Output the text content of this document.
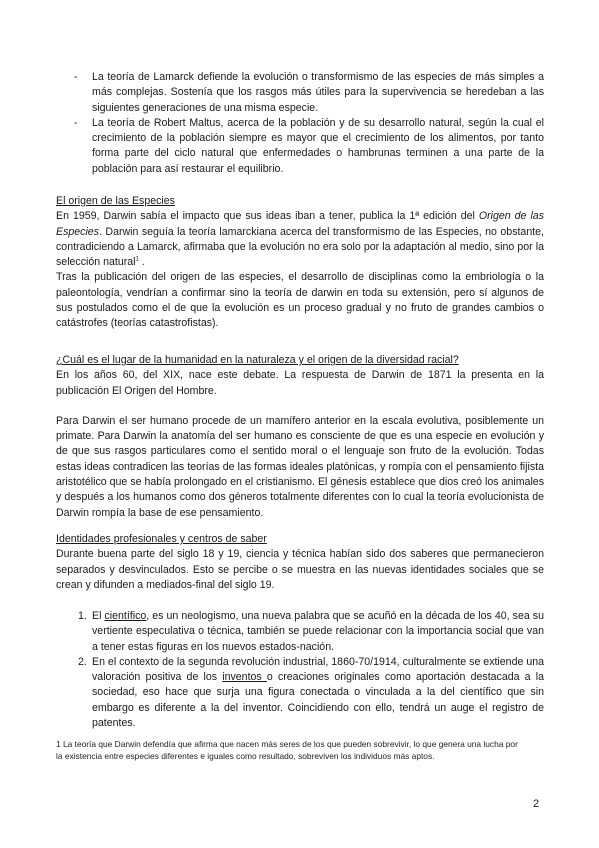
- La teoría de Lamarck defiende la evolución o transformismo de las especies de más simples a más complejas. Sostenía que los rasgos más útiles para la supervivencia se heredeban a las siguientes generaciones de una misma especie.
- La teoría de Robert Maltus, acerca de la población y de su desarrollo natural, según la cual el crecimiento de la población siempre es mayor que el crecimiento de los alimentos, por tanto forma parte del ciclo natural que enfermedades o hambrunas terminen a una parte de la población para así restaurar el equilibrio.
El origen de las Especies

En 1959, Darwin sabía el impacto que sus ideas iban a tener, publica la 1ª edición del Origen de las Especies. Darwin seguía la teoría lamarckiana acerca del transformismo de las Especies, no obstante, contradiciendo a Lamarck, afirmaba que la evolución no era solo por la adaptación al medio, sino por la selección natural$^1$ .

Tras la publicación del origen de las especies, el desarrollo de disciplinas como la embriología o la paleontología, vendrían a confirmar sino la teoría de darwin en toda su extensión, pero sí algunos de sus postulados como el de que la evolución es un proceso gradual y no fruto de grandes cambios o catástrofes (teorías catastrofistas).

¿Cuál es el lugar de la humanidad en la naturaleza y el origen de la diversidad racial?

En los años 60, del XIX, nace este debate. La respuesta de Darwin de 1871 la presenta en la publicación El Origen del Hombre.

Para Darwin el ser humano procede de un mamífero anterior en la escala evolutiva, posiblemente un primate. Para Darwin la anatomía del ser humano es consciente de que es una especie en evolución y de que sus rasgos particulares como el sentido moral o el lenguaje son fruto de la evolución. Todas estas ideas contradicen las teorías de las formas ideales platónicas, y rompía con el pensamiento fijista aristotélico que se había prolongado en el cristianismo. El génesis establece que dios creó los animales y después a los humanos como dos géneros totalmente diferentes con lo cual la teoría evolucionista de Darwin rompía la base de ese pensamiento.

Identidades profesionales y centros de saber

Durante buena parte del siglo 18 y 19, ciencia y técnica habían sido dos saberes que permanecieron separados y desvinculados. Esto se percibe o se muestra en las nuevas identidades sociales que se crean y difunden a mediados-final del siglo 19.

1. El científico, es un neologismo, una nueva palabra que se acuñó en la década de los 40, sea su vertiente especulativa o técnica, también se puede relacionar con la importancia social que van a tener estas figuras en los nuevos estados-nación.
2. En el contexto de la segunda revolución industrial, 1860-70/1914, culturalmente se extiende una valoración positiva de los inventos o creaciones originales como aportación destacada a la sociedad, eso hace que surja una figura conectada o vinculada a la del científico que sin embargo es diferente a la del inventor. Coincidiendo con ello, tendrá un auge el registro de patentes.
1 La teoría que Darwin defendía que afirma que nacen más seres de los que pueden sobrevivir, lo que genera una lucha por la existencia entre especies diferentes e iguales como resultado, sobreviven los individuos más aptos.
2
